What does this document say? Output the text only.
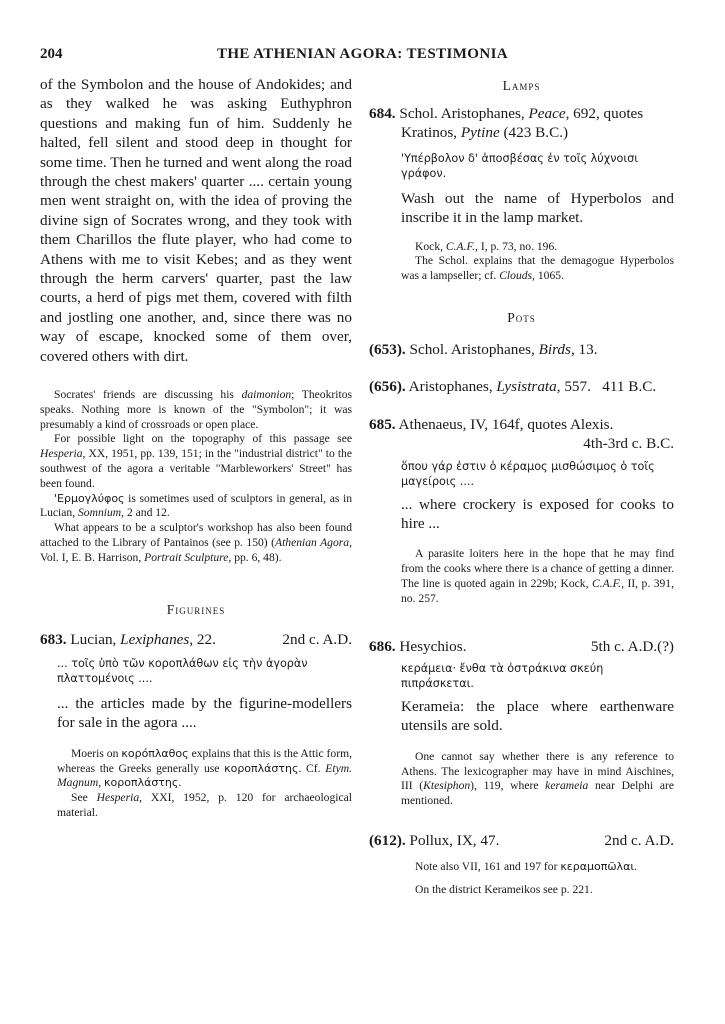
204	THE ATHENIAN AGORA: TESTIMONIA

of the Symbolon and the house of Andokides; and as they walked he was asking Euthyphron questions and making fun of him. Suddenly he halted, fell silent and stood deep in thought for some time. Then he turned and went along the road through the chest makers' quarter .... certain young men went straight on, with the idea of proving the divine sign of Socrates wrong, and they took with them Charillos the flute player, who had come to Athens with me to visit Kebes; and as they went through the herm carvers' quarter, past the law courts, a herd of pigs met them, covered with filth and jostling one another, and, since there was no way of escape, knocked some of them over, covered others with dirt.

Socrates' friends are discussing his daimonion; Theokritos speaks. Nothing more is known of the "Symbolon"; it was presumably a kind of crossroads or open place.

For possible light on the topography of this passage see Hesperia, XX, 1951, pp. 139, 151; in the "industrial district" to the southwest of the agora a veritable "Marbleworkers' Street" has been found.

'Ερμογλύφος is sometimes used of sculptors in general, as in Lucian, Somnium, 2 and 12.

What appears to be a sculptor's workshop has also been found attached to the Library of Pantainos (see p. 150) (Athenian Agora, Vol. I, E. B. Harrison, Portrait Sculpture, pp. 6, 48).

Figurines

683. Lucian, Lexiphanes, 22.	2nd c. A.D.

... τοῖς ὑπὸ τῶν κοροπλάθων εἰς τὴν ἀγορὰν πλαττομένοις ....

... the articles made by the figurine-modellers for sale in the agora ....

Moeris on κορόπλαθος explains that this is the Attic form, whereas the Greeks generally use κοροπλάστης. Cf. Etym. Magnum, κοροπλάστης.

See Hesperia, XXI, 1952, p. 120 for archaeological material.

Lamps

684. Schol. Aristophanes, Peace, 692, quotes Kratinos, Pytine (423 B.C.)

'Υπέρβολον δ' ἀποσβέσας ἐν τοῖς λύχνοισι γράφον.

Wash out the name of Hyperbolos and inscribe it in the lamp market.

Kock, C.A.F., I, p. 73, no. 196.

The Schol. explains that the demagogue Hyperbolos was a lampseller; cf. Clouds, 1065.

Pots

(653). Schol. Aristophanes, Birds, 13.

(656). Aristophanes, Lysistrata, 557. 411 B.C.

685. Athenaeus, IV, 164f, quotes Alexis.

4th-3rd c. B.C.

ὅπου γάρ ἐστιν ὁ κέραμος μισθώσιμος ὁ τοῖς μαγείροις ....

... where crockery is exposed for cooks to hire ...

A parasite loiters here in the hope that he may find from the cooks where there is a chance of getting a dinner. The line is quoted again in 229b; Kock, C.A.F., II, p. 391, no. 257.

686. Hesychios.	5th c. A.D.(?)

κεράμεια· ἔνθα τὰ ὀστράκινα σκεύη πιπράσκεται.

Kerameia: the place where earthenware utensils are sold.

One cannot say whether there is any reference to Athens. The lexicographer may have in mind Aischines, III (Ktesiphon), 119, where kerameia near Delphi are mentioned.

(612). Pollux, IX, 47.	2nd c. A.D.

Note also VII, 161 and 197 for κεραμοπῶλαι.

On the district Kerameikos see p. 221.
